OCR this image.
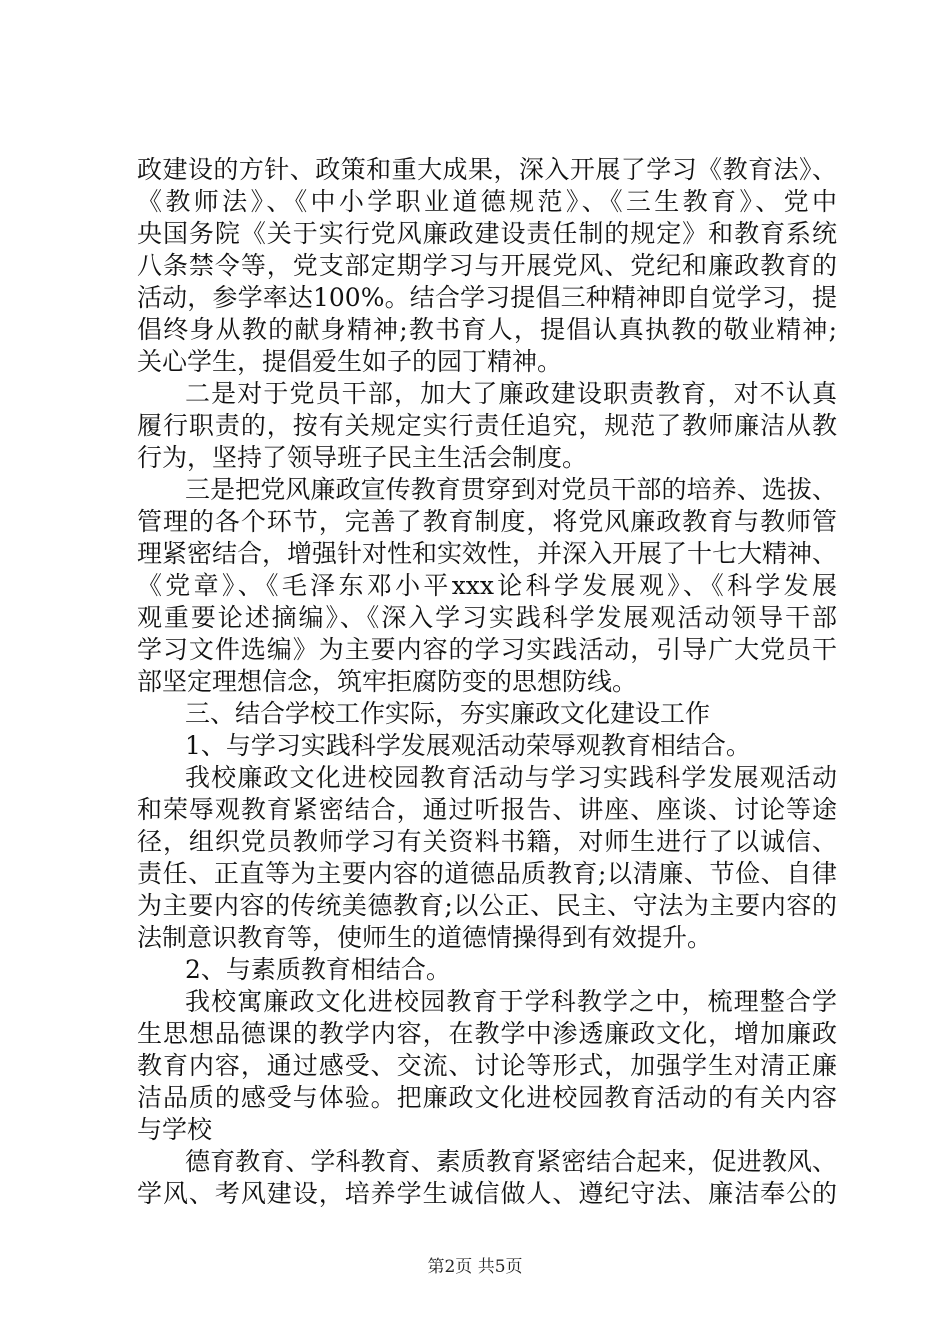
政建设的方针、政策和重大成果，深入开展了学习《教育法》、
《教师法》、《中小学职业道德规范》、《三生教育》、党中
央国务院《关于实行党风廉政建设责任制的规定》和教育系统
八条禁令等，党支部定期学习与开展党风、党纪和廉政教育的
活动，参学率达100%。结合学习提倡三种精神即自觉学习，提
倡终身从教的献身精神;教书育人，提倡认真执教的敬业精神;
关心学生，提倡爱生如子的园丁精神。
二是对于党员干部，加大了廉政建设职责教育，对不认真
履行职责的，按有关规定实行责任追究，规范了教师廉洁从教
行为，坚持了领导班子民主生活会制度。
三是把党风廉政宣传教育贯穿到对党员干部的培养、选拔、
管理的各个环节，完善了教育制度，将党风廉政教育与教师管
理紧密结合，增强针对性和实效性，并深入开展了十七大精神、
《党章》、《毛泽东邓小平xxx论科学发展观》、《科学发展
观重要论述摘编》、《深入学习实践科学发展观活动领导干部
学习文件选编》为主要内容的学习实践活动，引导广大党员干
部坚定理想信念，筑牢拒腐防变的思想防线。
三、结合学校工作实际，夯实廉政文化建设工作
1、与学习实践科学发展观活动荣辱观教育相结合。
我校廉政文化进校园教育活动与学习实践科学发展观活动
和荣辱观教育紧密结合，通过听报告、讲座、座谈、讨论等途
径，组织党员教师学习有关资料书籍，对师生进行了以诚信、
责任、正直等为主要内容的道德品质教育;以清廉、节俭、自律
为主要内容的传统美德教育;以公正、民主、守法为主要内容的
法制意识教育等，使师生的道德情操得到有效提升。
2、与素质教育相结合。
我校寓廉政文化进校园教育于学科教学之中，梳理整合学
生思想品德课的教学内容，在教学中渗透廉政文化，增加廉政
教育内容，通过感受、交流、讨论等形式，加强学生对清正廉
洁品质的感受与体验。把廉政文化进校园教育活动的有关内容
与学校
德育教育、学科教育、素质教育紧密结合起来，促进教风、
学风、考风建设，培养学生诚信做人、遵纪守法、廉洁奉公的
第2页 共5页
